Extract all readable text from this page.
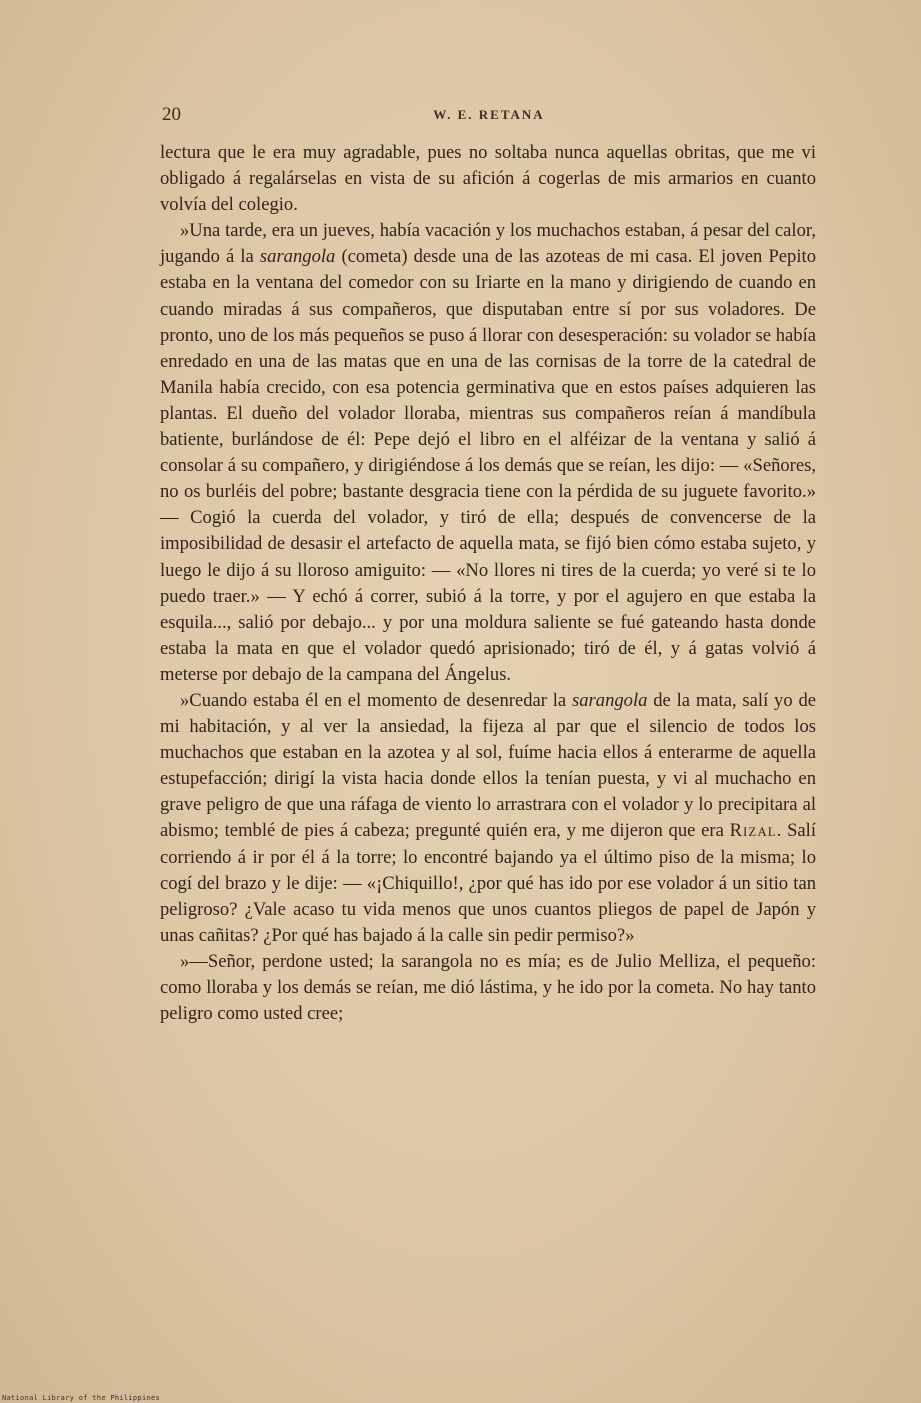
20	W. E. RETANA

lectura que le era muy agradable, pues no soltaba nunca aquellas obritas, que me vi obligado á regalárselas en vista de su afición á cogerlas de mis armarios en cuanto volvía del colegio.

»Una tarde, era un jueves, había vacación y los muchachos estaban, á pesar del calor, jugando á la sarangola (cometa) desde una de las azoteas de mi casa. El joven Pepito estaba en la ventana del comedor con su Iriarte en la mano y dirigiendo de cuando en cuando miradas á sus compañeros, que disputaban entre sí por sus voladores. De pronto, uno de los más pequeños se puso á llorar con desesperación: su volador se había enredado en una de las matas que en una de las cornisas de la torre de la catedral de Manila había crecido, con esa potencia germinativa que en estos países adquieren las plantas. El dueño del volador lloraba, mientras sus compañeros reían á mandíbula batiente, burlándose de él: Pepe dejó el libro en el alféizar de la ventana y salió á consolar á su compañero, y dirigiéndose á los demás que se reían, les dijo: — «Señores, no os burléis del pobre; bastante desgracia tiene con la pérdida de su juguete favorito.» — Cogió la cuerda del volador, y tiró de ella; después de convencerse de la imposibilidad de desasir el artefacto de aquella mata, se fijó bien cómo estaba sujeto, y luego le dijo á su lloroso amiguito: — «No llores ni tires de la cuerda; yo veré si te lo puedo traer.» — Y echó á correr, subió á la torre, y por el agujero en que estaba la esquila..., salió por debajo... y por una moldura saliente se fué gateando hasta donde estaba la mata en que el volador quedó aprisionado; tiró de él, y á gatas volvió á meterse por debajo de la campana del Ángelus.

»Cuando estaba él en el momento de desenredar la sarangola de la mata, salí yo de mi habitación, y al ver la ansiedad, la fijeza al par que el silencio de todos los muchachos que estaban en la azotea y al sol, fuíme hacia ellos á enterarme de aquella estupefacción; dirigí la vista hacia donde ellos la tenían puesta, y vi al muchacho en grave peligro de que una ráfaga de viento lo arrastrara con el volador y lo precipitara al abismo; temblé de pies á cabeza; pregunté quién era, y me dijeron que era Rizal. Salí corriendo á ir por él á la torre; lo encontré bajando ya el último piso de la misma; lo cogí del brazo y le dije: — «¡Chiquillo!, ¿por qué has ido por ese volador á un sitio tan peligroso? ¿Vale acaso tu vida menos que unos cuantos pliegos de papel de Japón y unas cañitas? ¿Por qué has bajado á la calle sin pedir permiso?»

»—Señor, perdone usted; la sarangola no es mía; es de Julio Melliza, el pequeño: como lloraba y los demás se reían, me dió lástima, y he ido por la cometa. No hay tanto peligro como usted cree;

National Library of the Philippines
